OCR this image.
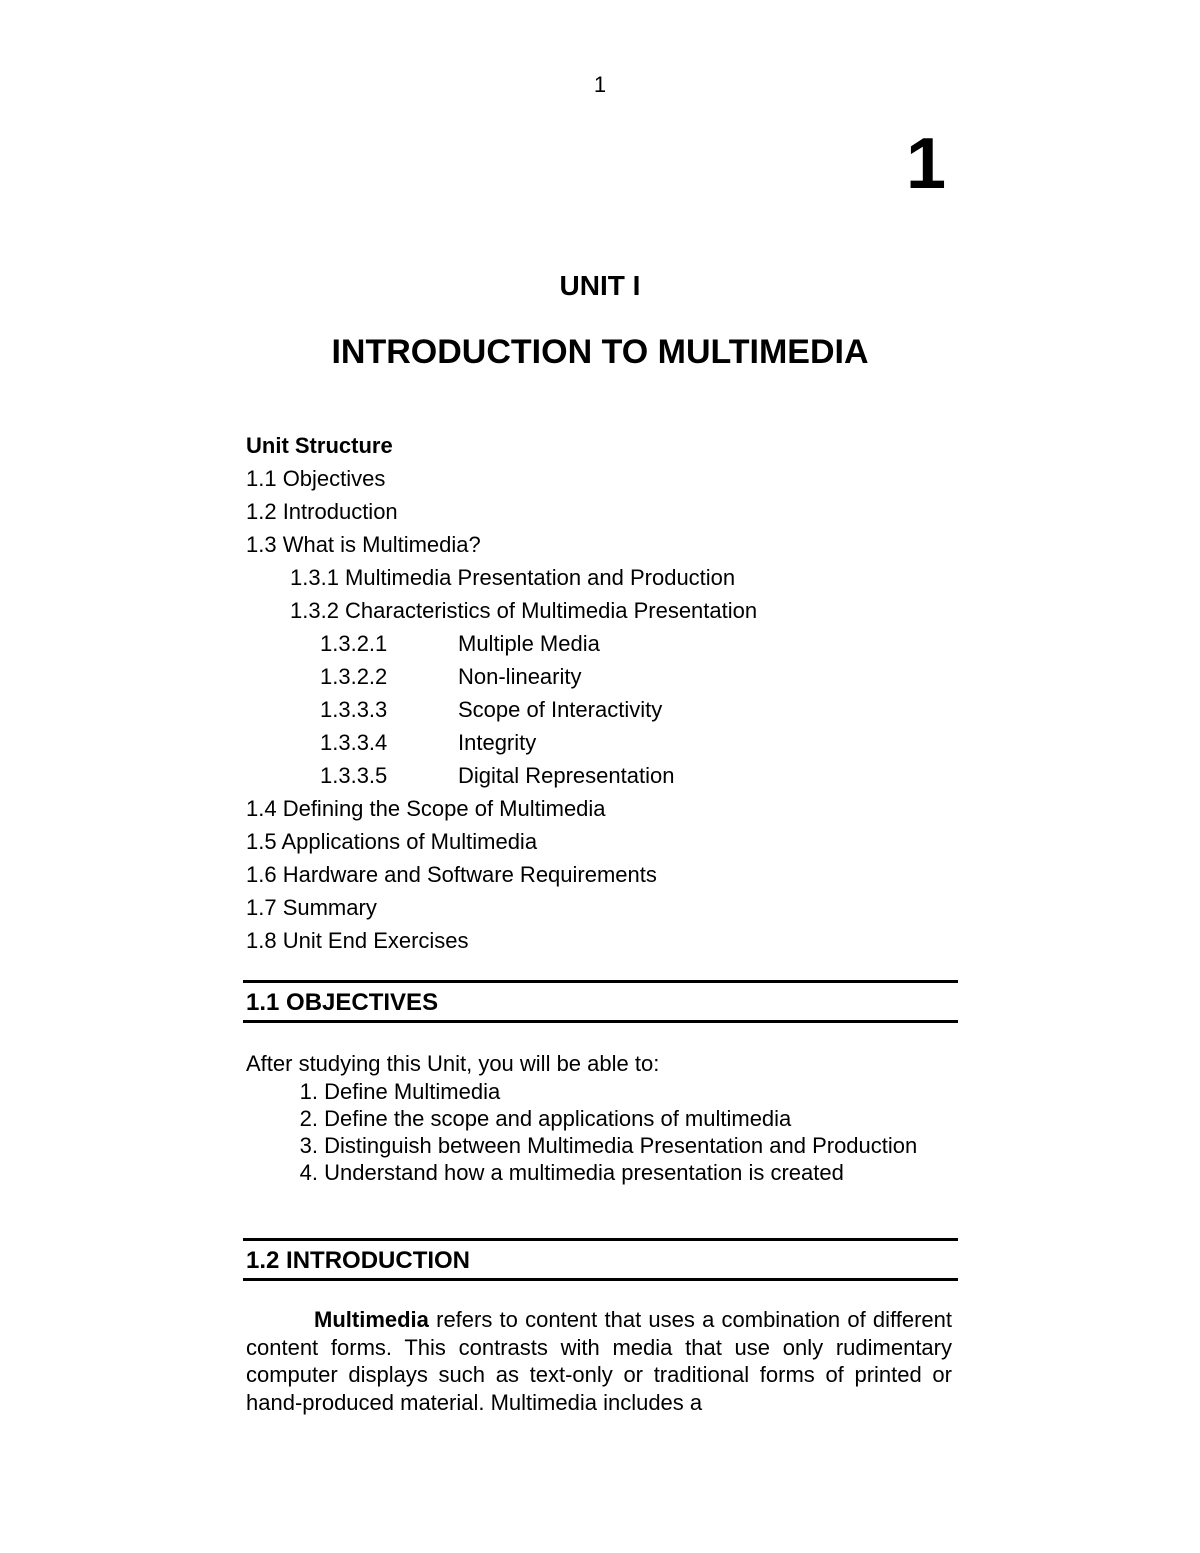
1
1
UNIT I
INTRODUCTION TO MULTIMEDIA
Unit Structure
1.1 Objectives
1.2 Introduction
1.3 What is Multimedia?
1.3.1 Multimedia Presentation and Production
1.3.2 Characteristics of Multimedia Presentation
1.3.2.1	Multiple Media
1.3.2.2	Non-linearity
1.3.3.3	Scope of Interactivity
1.3.3.4	Integrity
1.3.3.5	Digital Representation
1.4 Defining the Scope of Multimedia
1.5 Applications of Multimedia
1.6 Hardware and Software Requirements
1.7 Summary
1.8 Unit End Exercises
1.1 OBJECTIVES
After studying this Unit, you will be able to:
1.
Define Multimedia
2.
Define the scope and applications of multimedia
3.
Distinguish between Multimedia Presentation and Production
4.
Understand how a multimedia presentation is created
1.2 INTRODUCTION
Multimedia refers to content that uses a combination of different content forms. This contrasts with media that use only rudimentary computer displays such as text-only or traditional forms of printed or hand-produced material. Multimedia includes a
